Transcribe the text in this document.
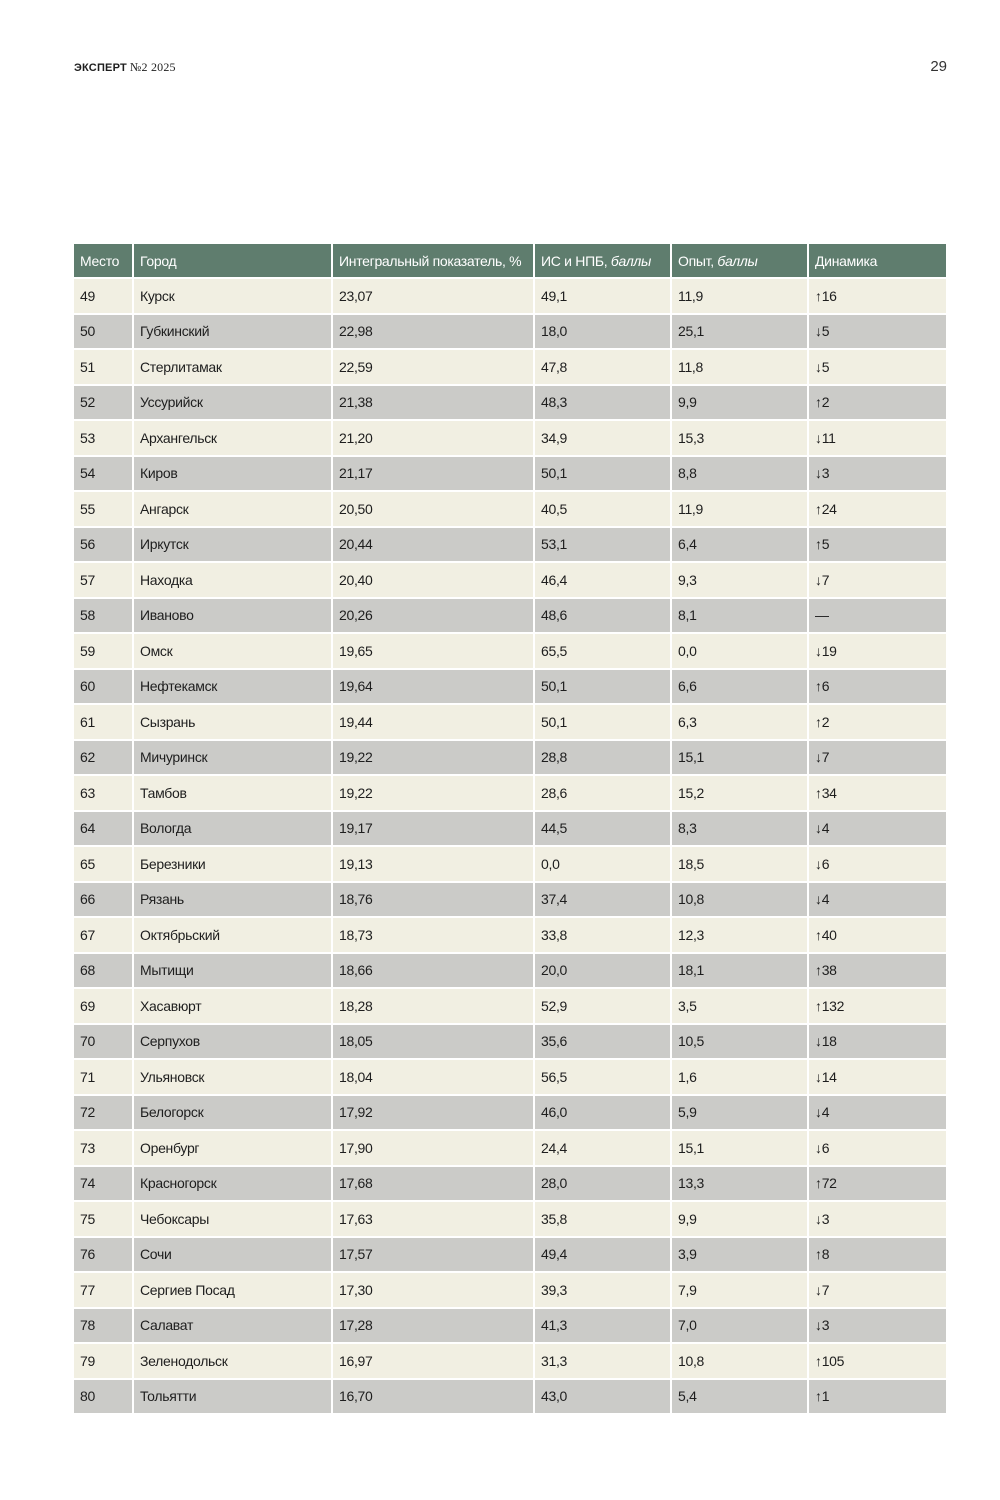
ЭКСПЕРТ №2 2025	29
Место	Город	Интегральный показатель, %	ИС и НПБ, баллы	Опыт, баллы	Динамика
49	Курск	23,07	49,1	11,9	↑16
50	Губкинский	22,98	18,0	25,1	↓5
51	Стерлитамак	22,59	47,8	11,8	↓5
52	Уссурийск	21,38	48,3	9,9	↑2
53	Архангельск	21,20	34,9	15,3	↓11
54	Киров	21,17	50,1	8,8	↓3
55	Ангарск	20,50	40,5	11,9	↑24
56	Иркутск	20,44	53,1	6,4	↑5
57	Находка	20,40	46,4	9,3	↓7
58	Иваново	20,26	48,6	8,1	—
59	Омск	19,65	65,5	0,0	↓19
60	Нефтекамск	19,64	50,1	6,6	↑6
61	Сызрань	19,44	50,1	6,3	↑2
62	Мичуринск	19,22	28,8	15,1	↓7
63	Тамбов	19,22	28,6	15,2	↑34
64	Вологда	19,17	44,5	8,3	↓4
65	Березники	19,13	0,0	18,5	↓6
66	Рязань	18,76	37,4	10,8	↓4
67	Октябрьский	18,73	33,8	12,3	↑40
68	Мытищи	18,66	20,0	18,1	↑38
69	Хасавюрт	18,28	52,9	3,5	↑132
70	Серпухов	18,05	35,6	10,5	↓18
71	Ульяновск	18,04	56,5	1,6	↓14
72	Белогорск	17,92	46,0	5,9	↓4
73	Оренбург	17,90	24,4	15,1	↓6
74	Красногорск	17,68	28,0	13,3	↑72
75	Чебоксары	17,63	35,8	9,9	↓3
76	Сочи	17,57	49,4	3,9	↑8
77	Сергиев Посад	17,30	39,3	7,9	↓7
78	Салават	17,28	41,3	7,0	↓3
79	Зеленодольск	16,97	31,3	10,8	↑105
80	Тольятти	16,70	43,0	5,4	↑1
